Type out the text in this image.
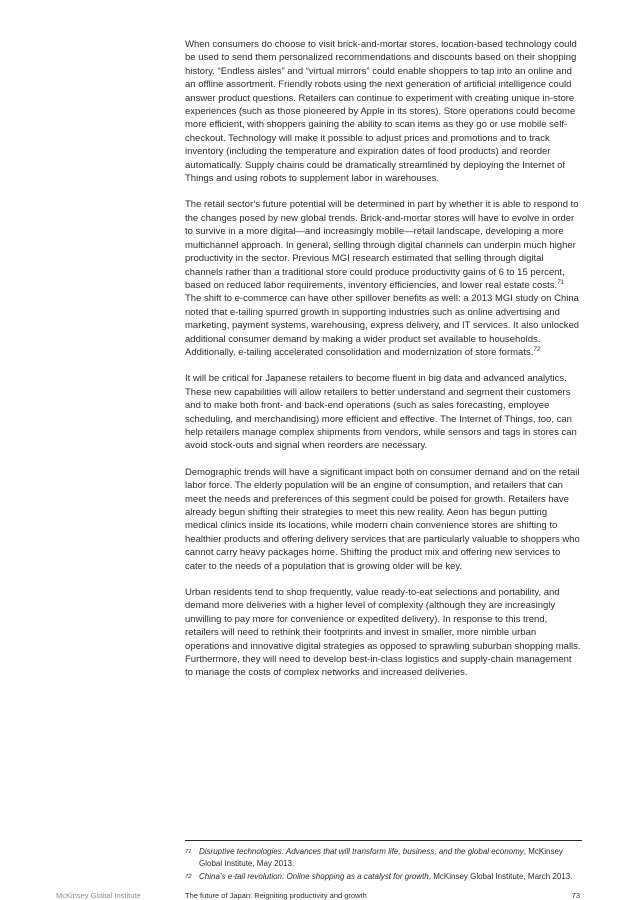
When consumers do choose to visit brick-and-mortar stores, location-based technology could be used to send them personalized recommendations and discounts based on their shopping history. “Endless aisles” and “virtual mirrors” could enable shoppers to tap into an online and an offline assortment. Friendly robots using the next generation of artificial intelligence could answer product questions. Retailers can continue to experiment with creating unique in-store experiences (such as those pioneered by Apple in its stores). Store operations could become more efficient, with shoppers gaining the ability to scan items as they go or use mobile self-checkout. Technology will make it possible to adjust prices and promotions and to track inventory (including the temperature and expiration dates of food products) and reorder automatically. Supply chains could be dramatically streamlined by deploying the Internet of Things and using robots to supplement labor in warehouses.

The retail sector’s future potential will be determined in part by whether it is able to respond to the changes posed by new global trends. Brick-and-mortar stores will have to evolve in order to survive in a more digital—and increasingly mobile—retail landscape, developing a more multichannel approach. In general, selling through digital channels can underpin much higher productivity in the sector. Previous MGI research estimated that selling through digital channels rather than a traditional store could produce productivity gains of 6 to 15 percent, based on reduced labor requirements, inventory efficiencies, and lower real estate costs.$^{71}$ The shift to e-commerce can have other spillover benefits as well: a 2013 MGI study on China noted that e-tailing spurred growth in supporting industries such as online advertising and marketing, payment systems, warehousing, express delivery, and IT services. It also unlocked additional consumer demand by making a wider product set available to households. Additionally, e-tailing accelerated consolidation and modernization of store formats.$^{72}$

It will be critical for Japanese retailers to become fluent in big data and advanced analytics. These new capabilities will allow retailers to better understand and segment their customers and to make both front- and back-end operations (such as sales forecasting, employee scheduling, and merchandising) more efficient and effective. The Internet of Things, too, can help retailers manage complex shipments from vendors, while sensors and tags in stores can avoid stock-outs and signal when reorders are necessary.

Demographic trends will have a significant impact both on consumer demand and on the retail labor force. The elderly population will be an engine of consumption, and retailers that can meet the needs and preferences of this segment could be poised for growth. Retailers have already begun shifting their strategies to meet this new reality. Aeon has begun putting medical clinics inside its locations, while modern chain convenience stores are shifting to healthier products and offering delivery services that are particularly valuable to shoppers who cannot carry heavy packages home. Shifting the product mix and offering new services to cater to the needs of a population that is growing older will be key.

Urban residents tend to shop frequently, value ready-to-eat selections and portability, and demand more deliveries with a higher level of complexity (although they are increasingly unwilling to pay more for convenience or expedited delivery). In response to this trend, retailers will need to rethink their footprints and invest in smaller, more nimble urban operations and innovative digital strategies as opposed to sprawling suburban shopping malls. Furthermore, they will need to develop best-in-class logistics and supply-chain management to manage the costs of complex networks and increased deliveries.

71 Disruptive technologies: Advances that will transform life, business, and the global economy, McKinsey Global Institute, May 2013.
72 China’s e-tail revolution: Online shopping as a catalyst for growth, McKinsey Global Institute, March 2013.
McKinsey Global Institute	The future of Japan: Reigniting productivity and growth	73
